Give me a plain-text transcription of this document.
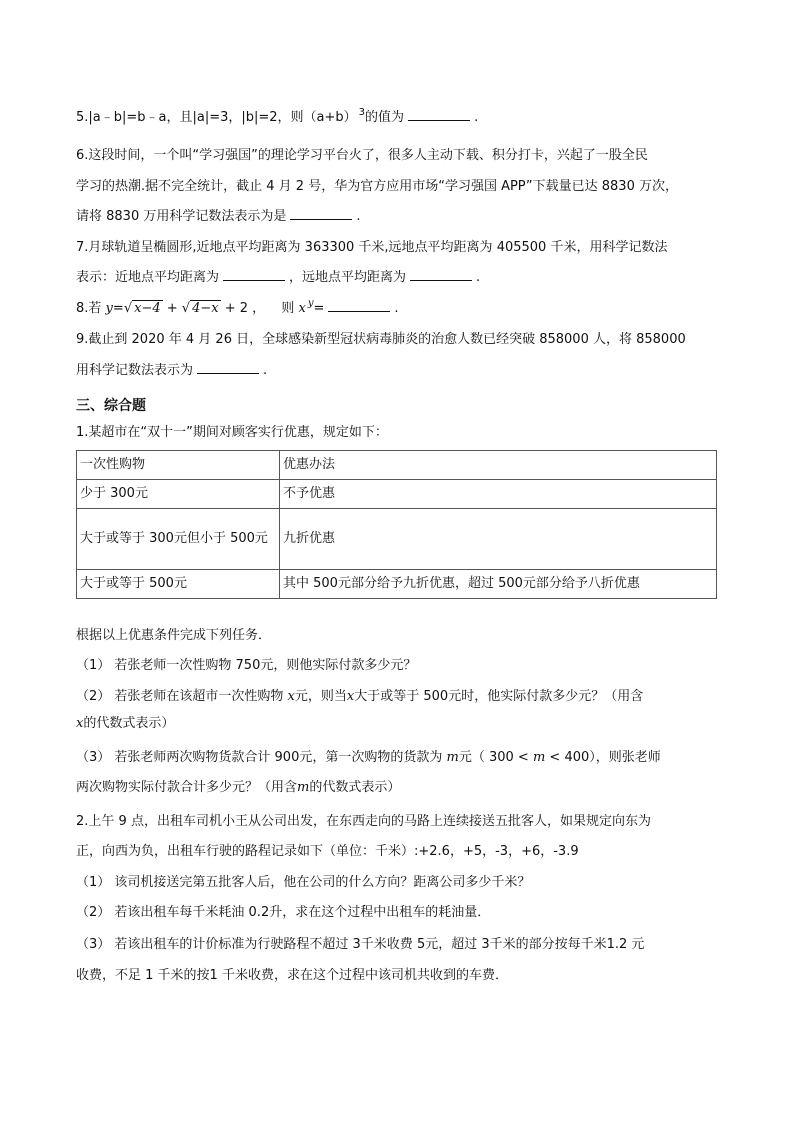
5.|a﹣b|=b﹣a，且|a|=3，|b|=2，则（a+b） $^3$的值为	.
6.这段时间，一个叫“学习强国”的理论学习平台火了，很多人主动下载、积分打卡，兴起了一股全民
学习的热潮.据不完全统计，截止 4 月 2 号，华为官方应用市场“学习强国 APP”下载量已达 8830 万次，
请将 8830 万用科学记数法表示为是	.
7.月球轨道呈椭圆形,近地点平均距离为 363300 千米,远地点平均距离为 405500 千米，用科学记数法
表示：近地点平均距离为	，远地点平均距离为	.
8.若 y=√ x−4 + √ 4−x + 2 ， 则 x $^y$=	.
9.截止到 2020 年 4 月 26 日，全球感染新型冠状病毒肺炎的治愈人数已经突破 858000 人，将 858000
用科学记数法表示为	.
三、综合题
1.某超市在“双十一”期间对顾客实行优惠，规定如下：
一次性购物	优惠办法
少于 300元	不予优惠
大于或等于 300元但小于 500元	九折优惠
大于或等于 500元	其中 500元部分给予九折优惠，超过 500元部分给予八折优惠
根据以上优惠条件完成下列任务．
（1） 若张老师一次性购物 750元，则他实际付款多少元？
（2） 若张老师在该超市一次性购物 x元，则当x大于或等于 500元时，他实际付款多少元？（用含
x的代数式表示）
（3） 若张老师两次购物货款合计 900元，第一次购物的货款为 m元（ 300 < m < 400），则张老师
两次购物实际付款合计多少元？（用含m的代数式表示）
2.上午 9 点，出租车司机小王从公司出发，在东西走向的马路上连续接送五批客人，如果规定向东为
正，向西为负，出租车行驶的路程记录如下（单位：千米）:+2.6，+5，-3，+6，-3.9
（1） 该司机接送完第五批客人后，他在公司的什么方向？距离公司多少千米？
（2） 若该出租车每千米耗油 0.2升，求在这个过程中出租车的耗油量．
（3） 若该出租车的计价标准为行驶路程不超过 3千米收费 5元，超过 3千米的部分按每千米1.2 元
收费，不足 1 千米的按1 千米收费，求在这个过程中该司机共收到的车费．
